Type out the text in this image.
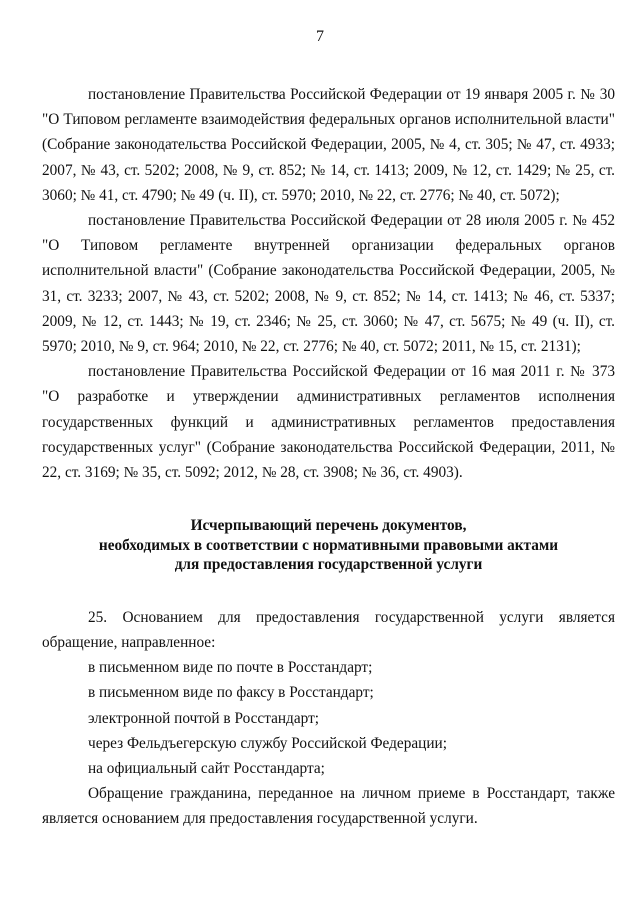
7

постановление Правительства Российской Федерации от 19 января 2005 г. № 30 "О Типовом регламенте взаимодействия федеральных органов исполнительной власти" (Собрание законодательства Российской Федерации, 2005, № 4, ст. 305; № 47, ст. 4933; 2007, № 43, ст. 5202; 2008, № 9, ст. 852; № 14, ст. 1413; 2009, № 12, ст. 1429; № 25, ст. 3060; № 41, ст. 4790; № 49 (ч. II), ст. 5970; 2010, № 22, ст. 2776; № 40, ст. 5072);

постановление Правительства Российской Федерации от 28 июля 2005 г. № 452 "О Типовом регламенте внутренней организации федеральных органов исполнительной власти" (Собрание законодательства Российской Федерации, 2005, № 31, ст. 3233; 2007, № 43, ст. 5202; 2008, № 9, ст. 852; № 14, ст. 1413; № 46, ст. 5337; 2009, № 12, ст. 1443; № 19, ст. 2346; № 25, ст. 3060; № 47, ст. 5675; № 49 (ч. II), ст. 5970; 2010, № 9, ст. 964; 2010, № 22, ст. 2776; № 40, ст. 5072; 2011, № 15, ст. 2131);

постановление Правительства Российской Федерации от 16 мая 2011 г. № 373 "О разработке и утверждении административных регламентов исполнения государственных функций и административных регламентов предоставления государственных услуг" (Собрание законодательства Российской Федерации, 2011, № 22, ст. 3169; № 35, ст. 5092; 2012, № 28, ст. 3908; № 36, ст. 4903).

Исчерпывающий перечень документов,
необходимых в соответствии с нормативными правовыми актами
для предоставления государственной услуги

25. Основанием для предоставления государственной услуги является обращение, направленное:

в письменном виде по почте в Росстандарт;

в письменном виде по факсу в Росстандарт;

электронной почтой в Росстандарт;

через Фельдъегерскую службу Российской Федерации;

на официальный сайт Росстандарта;

Обращение гражданина, переданное на личном приеме в Росстандарт, также является основанием для предоставления государственной услуги.
